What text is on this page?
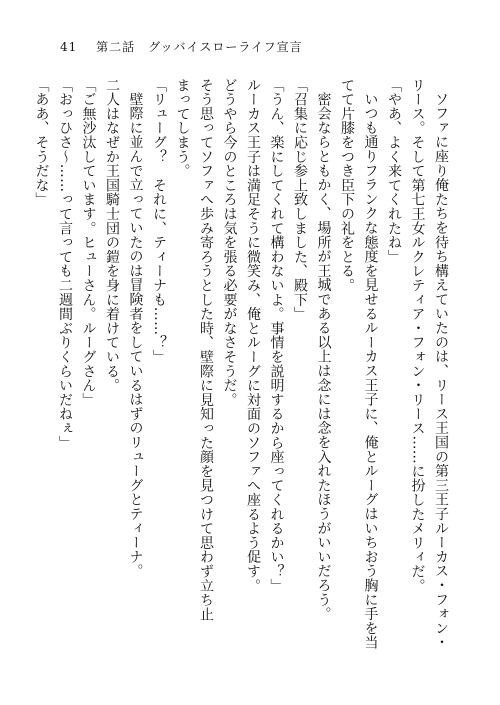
41 第二話　グッバイスローライフ宣言
ソファに座り俺たちを待ち構えていたのは、リース王国の第三王子ルーカス・フォン・
リース。そして第七王女ルクレティア・フォン・リース……に扮したメリィだ。
「やあ、よく来てくれたね」
いつも通りフランクな態度を見せるルーカス王子に、俺とルーグはいちおう胸に手を当
てて片膝をつき臣下の礼をとる。
密会ならともかく、場所が王城である以上は念には念を入れたほうがいいだろう。
「召集に応じ参上致しました、殿下」
「うん、楽にしてくれて構わないよ。事情を説明するから座ってくれるかい？」
ルーカス王子は満足そうに微笑み、俺とルーグに対面のソファへ座るよう促す。
どうやら今のところは気を張る必要がなさそうだ。
そう思ってソファへ歩み寄ろうとした時、壁際に見知った顔を見つけて思わず立ち止
まってしまう。
「リューグ？　それに、ティーナも……？」
壁際に並んで立っていたのは冒険者をしているはずのリューグとティーナ。
二人はなぜか王国騎士団の鎧を身に着けている。
「ご無沙汰しています。ヒューさん。ルーグさん」
「おっひさ～……って言っても二週間ぶりくらいだねぇ」
「ああ、そうだな」
